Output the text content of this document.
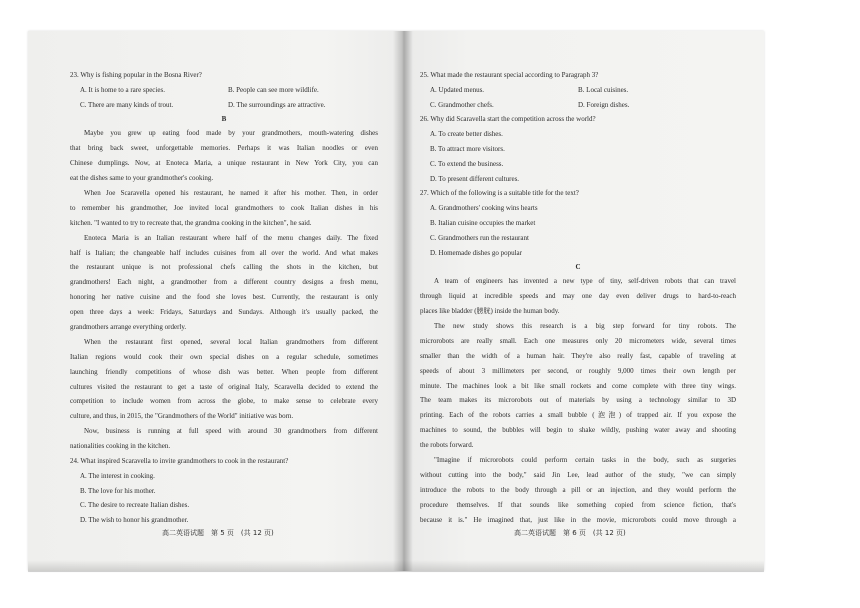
23. Why is fishing popular in the Bosna River?
A. It is home to a rare species.	B. People can see more wildlife.
C. There are many kinds of trout.	D. The surroundings are attractive.
B
Maybe you grew up eating food made by your grandmothers, mouth-watering dishes
that bring back sweet, unforgettable memories. Perhaps it was Italian noodles or even
Chinese dumplings. Now, at Enoteca Maria, a unique restaurant in New York City, you can
eat the dishes same to your grandmother's cooking.
When Joe Scaravella opened his restaurant, he named it after his mother. Then, in order
to remember his grandmother, Joe invited local grandmothers to cook Italian dishes in his
kitchen. "I wanted to try to recreate that, the grandma cooking in the kitchen", he said.
Enoteca Maria is an Italian restaurant where half of the menu changes daily. The fixed
half is Italian; the changeable half includes cuisines from all over the world. And what makes
the restaurant unique is not professional chefs calling the shots in the kitchen, but
grandmothers! Each night, a grandmother from a different country designs a fresh menu,
honoring her native cuisine and the food she loves best. Currently, the restaurant is only
open three days a week: Fridays, Saturdays and Sundays. Although it's usually packed, the
grandmothers arrange everything orderly.
When the restaurant first opened, several local Italian grandmothers from different
Italian regions would cook their own special dishes on a regular schedule, sometimes
launching friendly competitions of whose dish was better. When people from different
cultures visited the restaurant to get a taste of original Italy, Scaravella decided to extend the
competition to include women from across the globe, to make sense to celebrate every
culture, and thus, in 2015, the "Grandmothers of the World" initiative was born.
Now, business is running at full speed with around 30 grandmothers from different
nationalities cooking in the kitchen.
24. What inspired Scaravella to invite grandmothers to cook in the restaurant?
A. The interest in cooking.
B. The love for his mother.
C. The desire to recreate Italian dishes.
D. The wish to honor his grandmother.
高二英语试题　第 5 页　(共 12 页)
25. What made the restaurant special according to Paragraph 3?
A. Updated menus.	B. Local cuisines.
C. Grandmother chefs.	D. Foreign dishes.
26. Why did Scaravella start the competition across the world?
A. To create better dishes.
B. To attract more visitors.
C. To extend the business.
D. To present different cultures.
27. Which of the following is a suitable title for the text?
A. Grandmothers' cooking wins hearts
B. Italian cuisine occupies the market
C. Grandmothers run the restaurant
D. Homemade dishes go popular
C
A team of engineers has invented a new type of tiny, self-driven robots that can travel
through liquid at incredible speeds and may one day even deliver drugs to hard-to-reach
places like bladder (膀胱) inside the human body.
The new study shows this research is a big step forward for tiny robots. The
microrobots are really small. Each one measures only 20 micrometers wide, several times
smaller than the width of a human hair. They're also really fast, capable of traveling at
speeds of about 3 millimeters per second, or roughly 9,000 times their own length per
minute. The machines look a bit like small rockets and come complete with three tiny wings.
The team makes its microrobots out of materials by using a technology similar to 3D
printing. Each of the robots carries a small bubble (泡泡) of trapped air. If you expose the
machines to sound, the bubbles will begin to shake wildly, pushing water away and shooting
the robots forward.
"Imagine if microrobots could perform certain tasks in the body, such as surgeries
without cutting into the body," said Jin Lee, lead author of the study, "we can simply
introduce the robots to the body through a pill or an injection, and they would perform the
procedure themselves. If that sounds like something copied from science fiction, that's
because it is." He imagined that, just like in the movie, microrobots could move through a
高二英语试题　第 6 页　(共 12 页)
